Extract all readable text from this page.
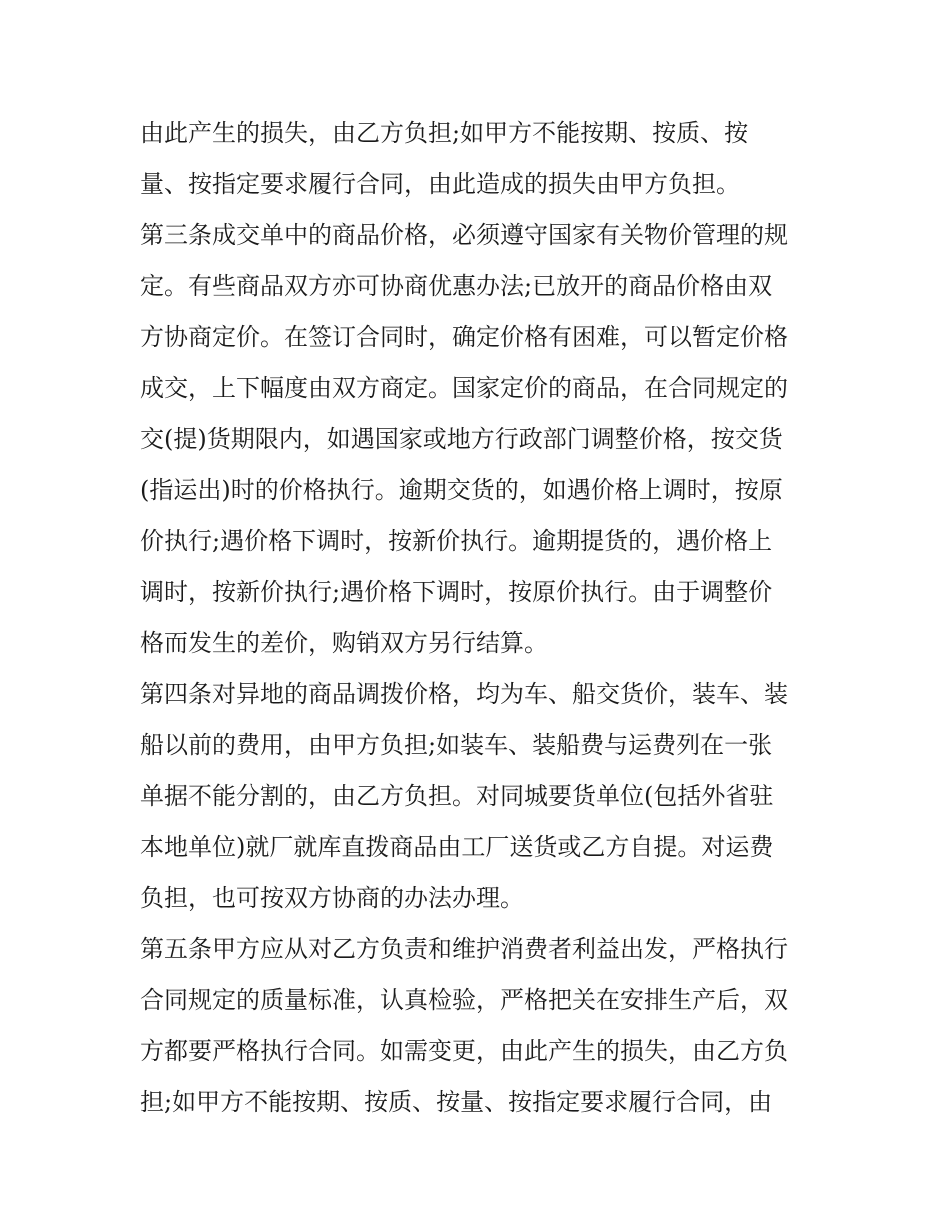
由此产生的损失，由乙方负担;如甲方不能按期、按质、按
量、按指定要求履行合同，由此造成的损失由甲方负担。
第三条成交单中的商品价格，必须遵守国家有关物价管理的规
定。有些商品双方亦可协商优惠办法;已放开的商品价格由双
方协商定价。在签订合同时，确定价格有困难，可以暂定价格
成交，上下幅度由双方商定。国家定价的商品，在合同规定的
交(提)货期限内，如遇国家或地方行政部门调整价格，按交货
(指运出)时的价格执行。逾期交货的，如遇价格上调时，按原
价执行;遇价格下调时，按新价执行。逾期提货的，遇价格上
调时，按新价执行;遇价格下调时，按原价执行。由于调整价
格而发生的差价，购销双方另行结算。
第四条对异地的商品调拨价格，均为车、船交货价，装车、装
船以前的费用，由甲方负担;如装车、装船费与运费列在一张
单据不能分割的，由乙方负担。对同城要货单位(包括外省驻
本地单位)就厂就库直拨商品由工厂送货或乙方自提。对运费
负担，也可按双方协商的办法办理。
第五条甲方应从对乙方负责和维护消费者利益出发，严格执行
合同规定的质量标准，认真检验，严格把关在安排生产后，双
方都要严格执行合同。如需变更，由此产生的损失，由乙方负
担;如甲方不能按期、按质、按量、按指定要求履行合同，由
